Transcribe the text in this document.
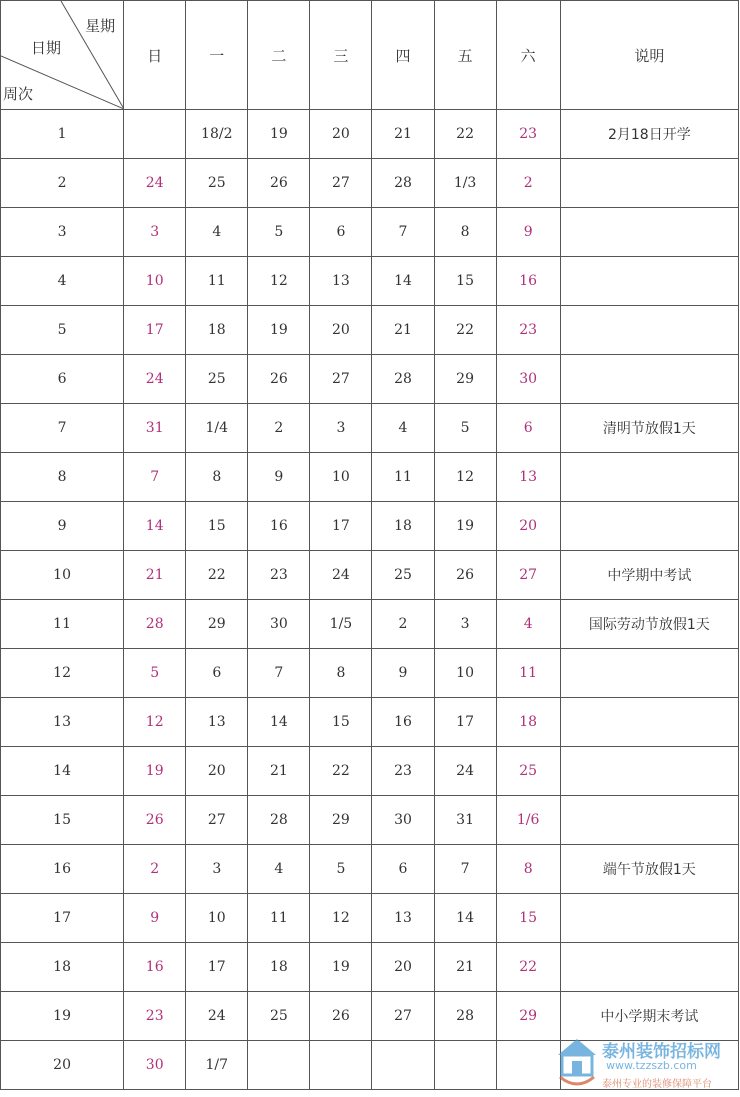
星期
日期
周次	日	一	二	三	四	五	六	说明
1		18/2	19	20	21	22	23	2月18日开学
2	24	25	26	27	28	1/3	2	
3	3	4	5	6	7	8	9	
4	10	11	12	13	14	15	16	
5	17	18	19	20	21	22	23	
6	24	25	26	27	28	29	30	
7	31	1/4	2	3	4	5	6	清明节放假1天
8	7	8	9	10	11	12	13	
9	14	15	16	17	18	19	20	
10	21	22	23	24	25	26	27	中学期中考试
11	28	29	30	1/5	2	3	4	国际劳动节放假1天
12	5	6	7	8	9	10	11	
13	12	13	14	15	16	17	18	
14	19	20	21	22	23	24	25	
15	26	27	28	29	30	31	1/6	
16	2	3	4	5	6	7	8	端午节放假1天
17	9	10	11	12	13	14	15	
18	16	17	18	19	20	21	22	
19	23	24	25	26	27	28	29	中小学期末考试
20	30	1/7						
泰州装饰招标网
www.tzzszb.com
泰州专业的装修保障平台
